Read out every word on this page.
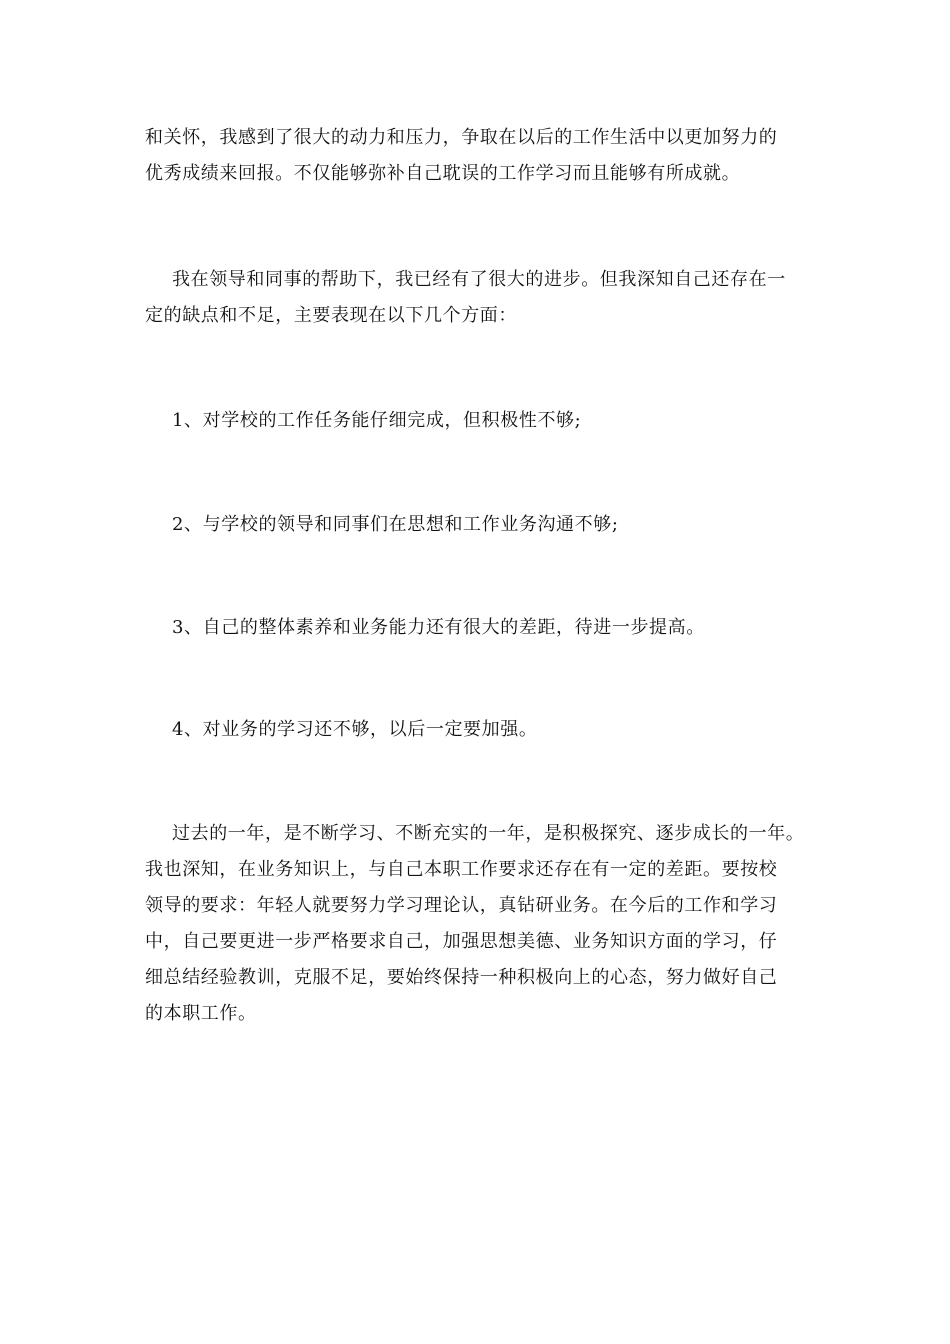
和关怀，我感到了很大的动力和压力，争取在以后的工作生活中以更加努力的
优秀成绩来回报。不仅能够弥补自己耽误的工作学习而且能够有所成就。
我在领导和同事的帮助下，我已经有了很大的进步。但我深知自己还存在一
定的缺点和不足，主要表现在以下几个方面：
1、对学校的工作任务能仔细完成，但积极性不够;
2、与学校的领导和同事们在思想和工作业务沟通不够;
3、自己的整体素养和业务能力还有很大的差距，待进一步提高。
4、对业务的学习还不够，以后一定要加强。
过去的一年，是不断学习、不断充实的一年，是积极探究、逐步成长的一年。
我也深知，在业务知识上，与自己本职工作要求还存在有一定的差距。要按校
领导的要求：年轻人就要努力学习理论认，真钻研业务。在今后的工作和学习
中，自己要更进一步严格要求自己，加强思想美德、业务知识方面的学习，仔
细总结经验教训，克服不足，要始终保持一种积极向上的心态，努力做好自己
的本职工作。
